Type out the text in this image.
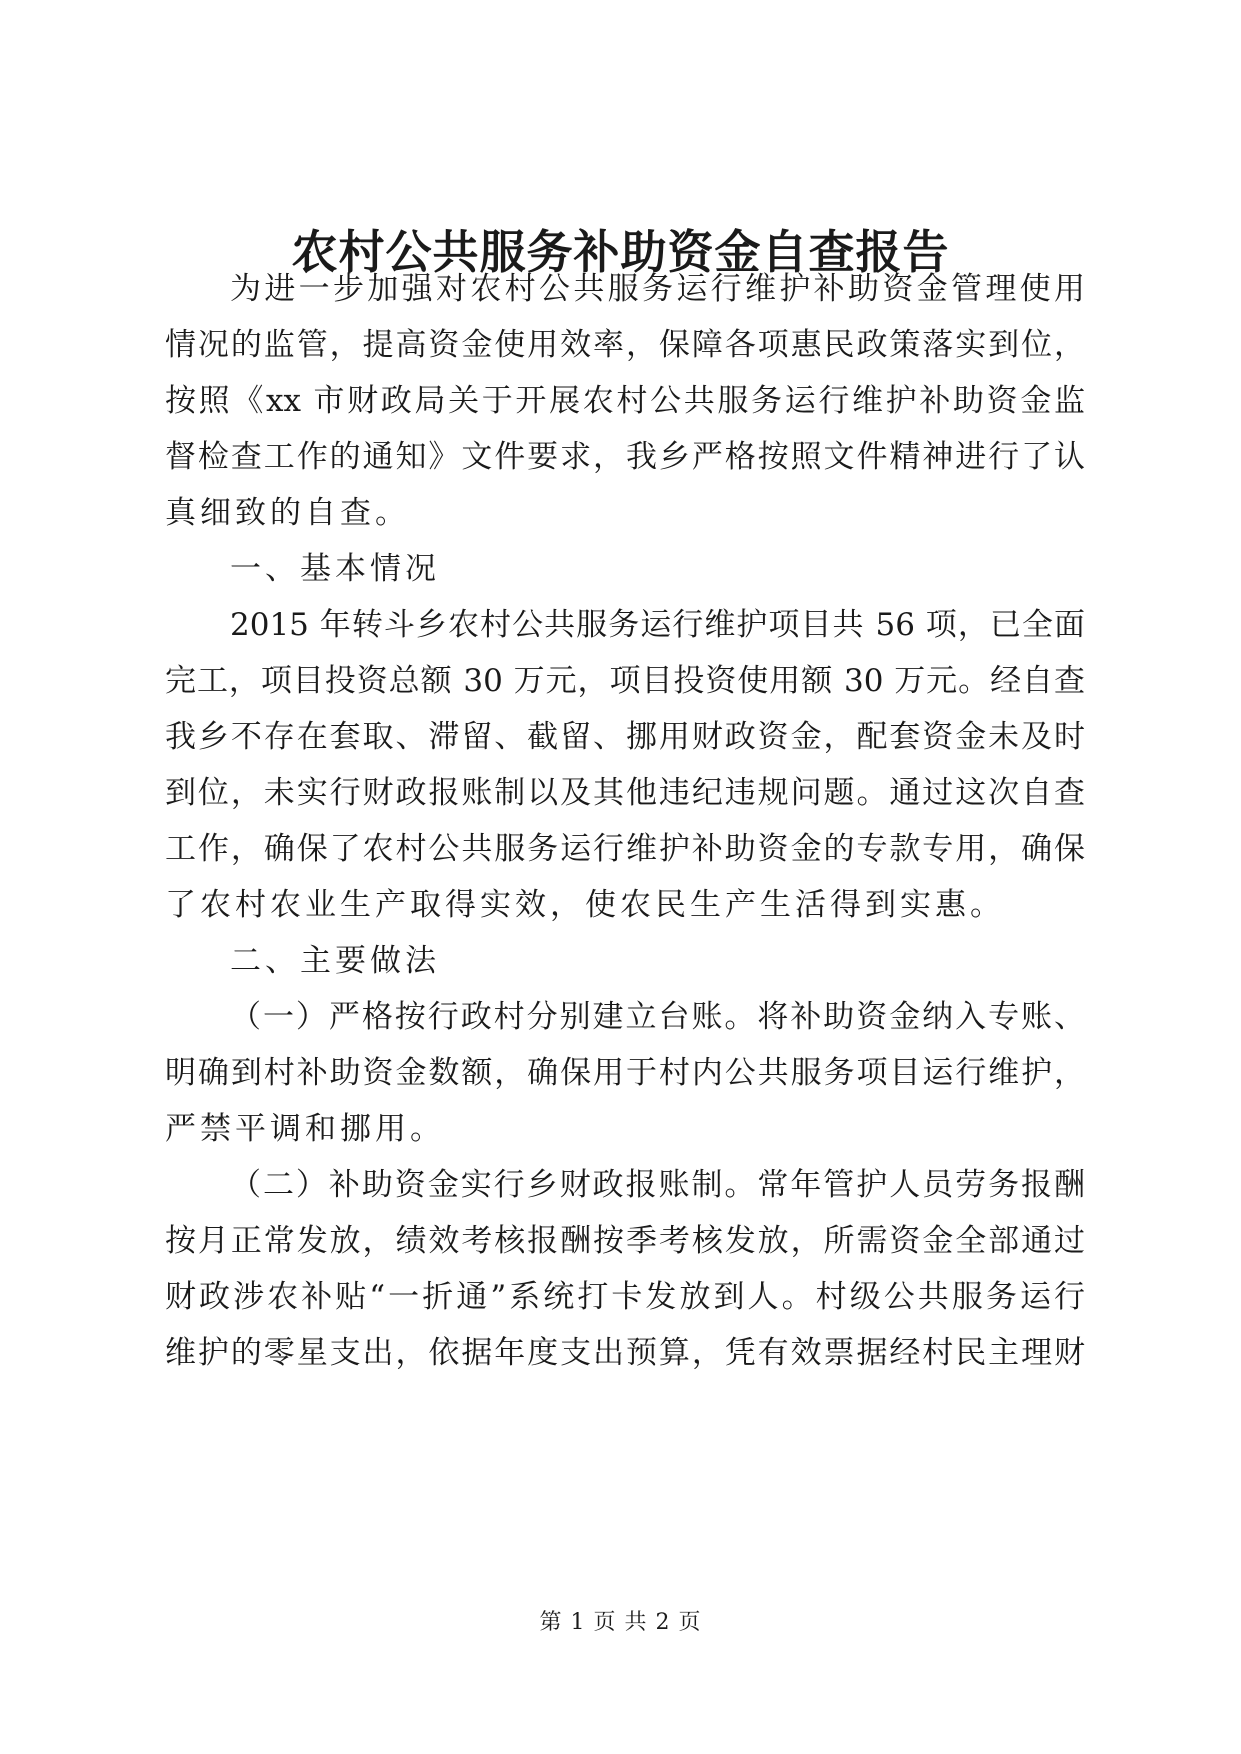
农村公共服务补助资金自查报告
为进一步加强对农村公共服务运行维护补助资金管理使用
情况的监管，提高资金使用效率，保障各项惠民政策落实到位，
按照《xx 市财政局关于开展农村公共服务运行维护补助资金监
督检查工作的通知》文件要求，我乡严格按照文件精神进行了认
真细致的自查。
一、基本情况
2015 年转斗乡农村公共服务运行维护项目共 56 项，已全面
完工，项目投资总额 30 万元，项目投资使用额 30 万元。经自查
我乡不存在套取、滞留、截留、挪用财政资金，配套资金未及时
到位，未实行财政报账制以及其他违纪违规问题。通过这次自查
工作，确保了农村公共服务运行维护补助资金的专款专用，确保
了农村农业生产取得实效，使农民生产生活得到实惠。
二、主要做法
（一）严格按行政村分别建立台账。将补助资金纳入专账、
明确到村补助资金数额，确保用于村内公共服务项目运行维护，
严禁平调和挪用。
（二）补助资金实行乡财政报账制。常年管护人员劳务报酬
按月正常发放，绩效考核报酬按季考核发放，所需资金全部通过
财政涉农补贴“一折通”系统打卡发放到人。村级公共服务运行
维护的零星支出，依据年度支出预算，凭有效票据经村民主理财
第 1 页 共 2 页
